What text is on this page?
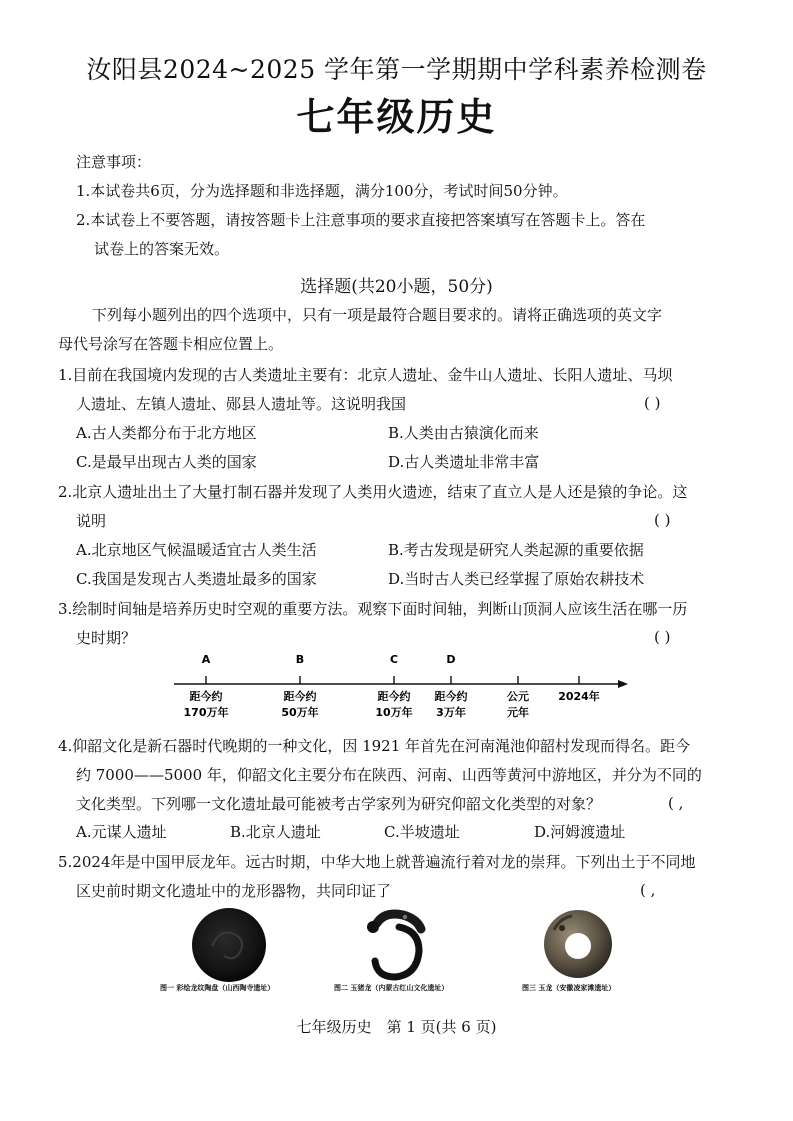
汝阳县2024~2025 学年第一学期期中学科素养检测卷
七年级历史
注意事项：
1.本试卷共6页，分为选择题和非选择题，满分100分，考试时间50分钟。
2.本试卷上不要答题，请按答题卡上注意事项的要求直接把答案填写在答题卡上。答在
试卷上的答案无效。
选择题(共20小题，50分)
下列每小题列出的四个选项中，只有一项是最符合题目要求的。请将正确选项的英文字
母代号涂写在答题卡相应位置上。
1.目前在我国境内发现的古人类遗址主要有：北京人遗址、金牛山人遗址、长阳人遗址、马坝
人遗址、左镇人遗址、郧县人遗址等。这说明我国	( )
A.古人类都分布于北方地区	B.人类由古猿演化而来
C.是最早出现古人类的国家	D.古人类遗址非常丰富
2.北京人遗址出土了大量打制石器并发现了人类用火遗迹，结束了直立人是人还是猿的争论。这
说明	( )
A.北京地区气候温暖适宜古人类生活	B.考古发现是研究人类起源的重要依据
C.我国是发现古人类遗址最多的国家	D.当时古人类已经掌握了原始农耕技术
3.绘制时间轴是培养历史时空观的重要方法。观察下面时间轴，判断山顶洞人应该生活在哪一历
史时期？	( )
A	B	C	D
距今约
170万年
距今约
50万年
距今约
10万年
距今约
3万年
公元
元年
2024年
4.仰韶文化是新石器时代晚期的一种文化，因 1921 年首先在河南渑池仰韶村发现而得名。距今
约 7000——5000 年，仰韶文化主要分布在陕西、河南、山西等黄河中游地区，并分为不同的
文化类型。下列哪一文化遗址最可能被考古学家列为研究仰韶文化类型的对象？	( ,
A.元谋人遗址	B.北京人遗址	C.半坡遗址	D.河姆渡遗址
5.2024年是中国甲辰龙年。远古时期，中华大地上就普遍流行着对龙的崇拜。下列出土于不同地
区史前时期文化遗址中的龙形器物，共同印证了	( ,
图一 彩绘龙纹陶盘（山西陶寺遗址）	图二 玉猪龙（内蒙古红山文化遗址）	图三 玉龙（安徽凌家滩遗址）
七年级历史　第 1 页(共 6 页)
